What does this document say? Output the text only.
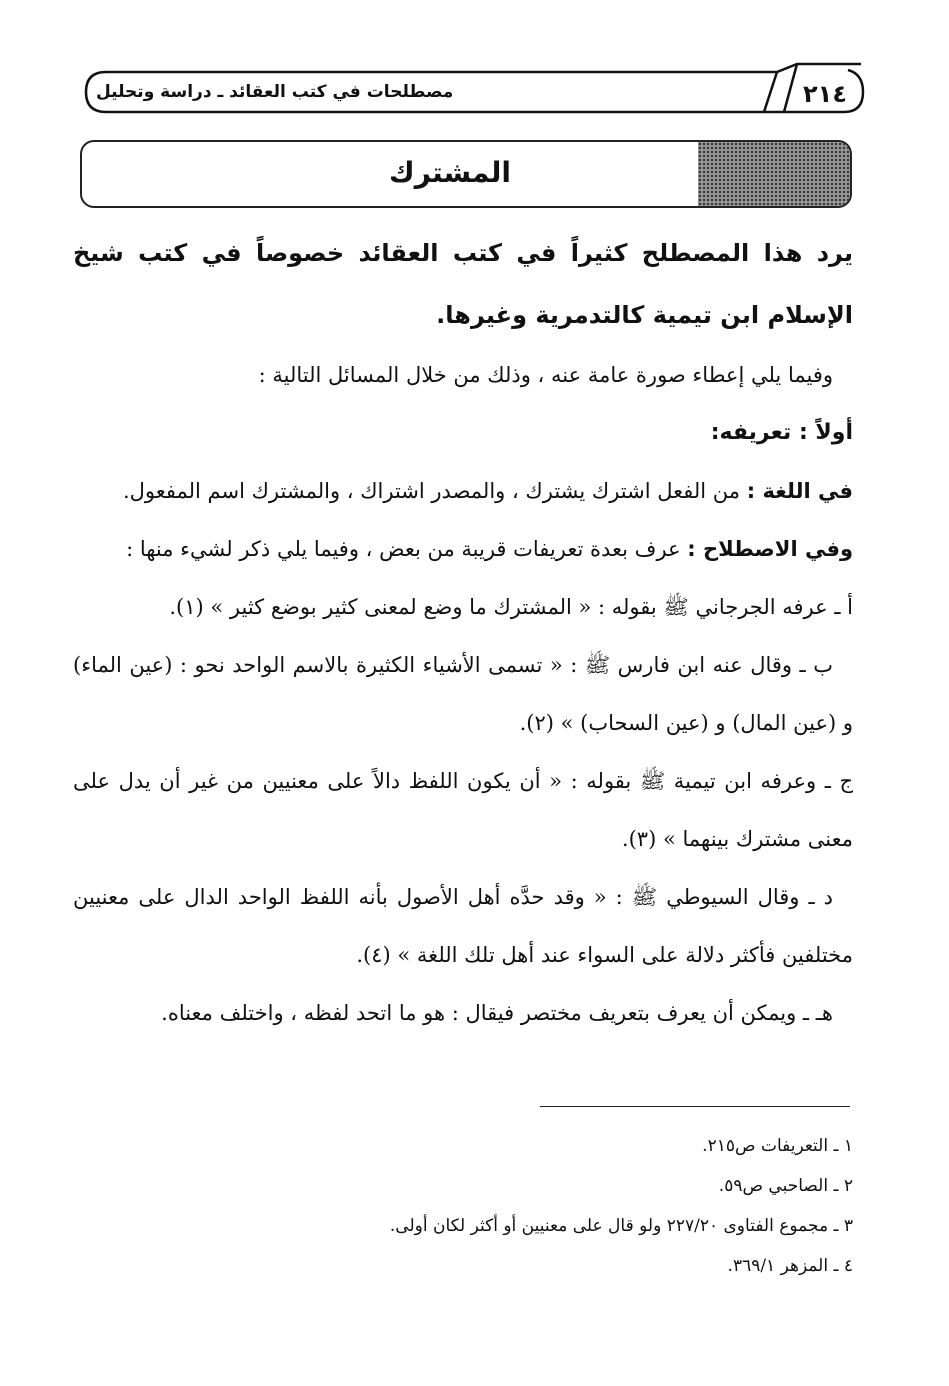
٢١٤
مصطلحات في كتب العقائد ـ دراسة وتحليل
المشترك

يرد هذا المصطلح كثيراً في كتب العقائد خصوصاً في كتب شيخ الإسلام ابن تيمية كالتدمرية وغيرها.

وفيما يلي إعطاء صورة عامة عنه ، وذلك من خلال المسائل التالية :

أولاً : تعريفه:

في اللغة : من الفعل اشترك يشترك ، والمصدر اشتراك ، والمشترك اسم المفعول.

وفي الاصطلاح : عرف بعدة تعريفات قريبة من بعض ، وفيما يلي ذكر لشيء منها :

أ ـ عرفه الجرجاني ﷺ بقوله : « المشترك ما وضع لمعنى كثير بوضع كثير » (١).

ب ـ وقال عنه ابن فارس ﷺ : « تسمى الأشياء الكثيرة بالاسم الواحد نحو : (عين الماء) و (عين المال) و (عين السحاب) » (٢).

ج ـ وعرفه ابن تيمية ﷺ بقوله : « أن يكون اللفظ دالاً على معنيين من غير أن يدل على معنى مشترك بينهما » (٣).

د ـ وقال السيوطي ﷺ : « وقد حدَّه أهل الأصول بأنه اللفظ الواحد الدال على معنيين مختلفين فأكثر دلالة على السواء عند أهل تلك اللغة » (٤).

هـ ـ ويمكن أن يعرف بتعريف مختصر فيقال : هو ما اتحد لفظه ، واختلف معناه.

١ ـ التعريفات ص٢١٥.
٢ ـ الصاحبي ص٥٩.
٣ ـ مجموع الفتاوى ٢٢٧/٢٠ ولو قال على معنيين أو أكثر لكان أولى.
٤ ـ المزهر ٣٦٩/١.
